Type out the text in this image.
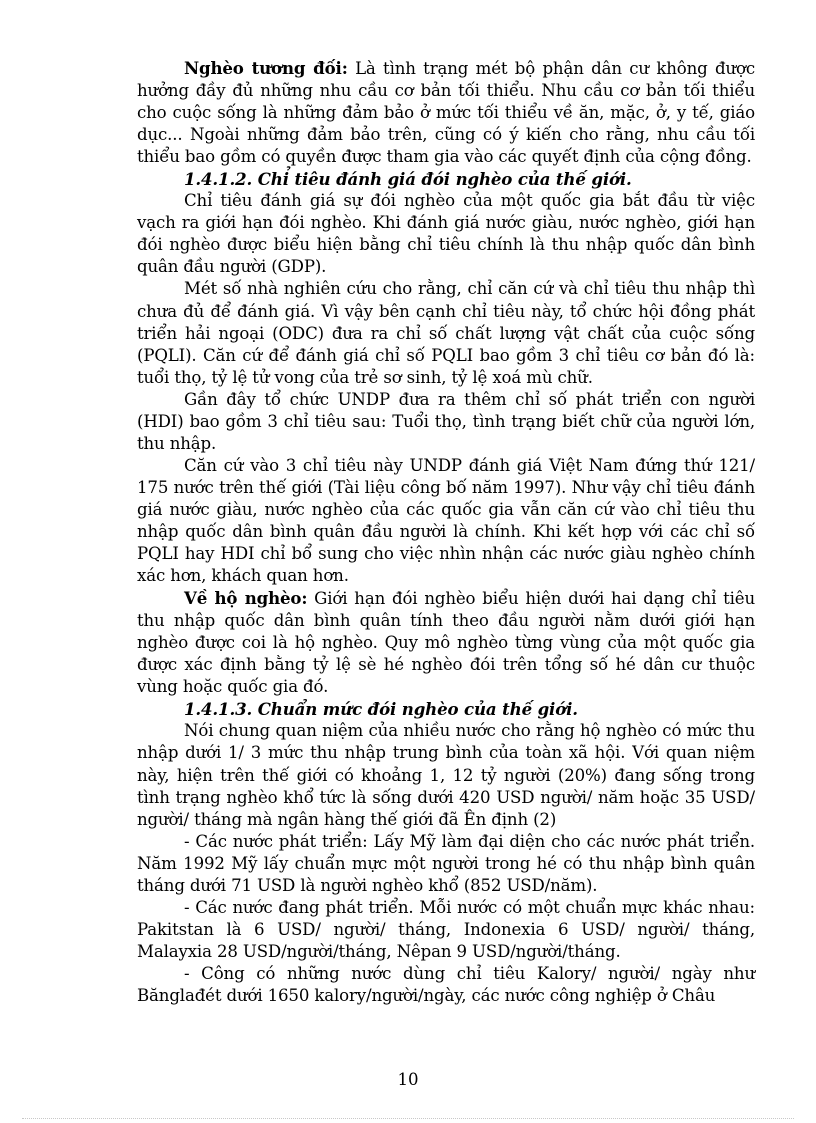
Nghèo tương đối: Là tình trạng mét bộ phận dân cư không được hưởng đầy đủ những nhu cầu cơ bản tối thiểu. Nhu cầu cơ bản tối thiểu cho cuộc sống là những đảm bảo ở mức tối thiểu về ăn, mặc, ở, y tế, giáo dục... Ngoài những đảm bảo trên, cũng có ý kiến cho rằng, nhu cầu tối thiểu bao gồm có quyền được tham gia vào các quyết định của cộng đồng.

1.4.1.2. Chỉ tiêu đánh giá đói nghèo của thế giới.

Chỉ tiêu đánh giá sự đói nghèo của một quốc gia bắt đầu từ việc vạch ra giới hạn đói nghèo. Khi đánh giá nước giàu, nước nghèo, giới hạn đói nghèo được biểu hiện bằng chỉ tiêu chính là thu nhập quốc dân bình quân đầu người (GDP).

Mét số nhà nghiên cứu cho rằng, chỉ căn cứ và chỉ tiêu thu nhập thì chưa đủ để đánh giá. Vì vậy bên cạnh chỉ tiêu này, tổ chức hội đồng phát triển hải ngoại (ODC) đưa ra chỉ số chất lượng vật chất của cuộc sống (PQLI). Căn cứ để đánh giá chỉ số PQLI bao gồm 3 chỉ tiêu cơ bản đó là: tuổi thọ, tỷ lệ tử vong của trẻ sơ sinh, tỷ lệ xoá mù chữ.

Gần đây tổ chức UNDP đưa ra thêm chỉ số phát triển con người (HDI) bao gồm 3 chỉ tiêu sau: Tuổi thọ, tình trạng biết chữ của người lớn, thu nhập.

Căn cứ vào 3 chỉ tiêu này UNDP đánh giá Việt Nam đứng thứ 121/ 175 nước trên thế giới (Tài liệu công bố năm 1997). Như vậy chỉ tiêu đánh giá nước giàu, nước nghèo của các quốc gia vẫn căn cứ vào chỉ tiêu thu nhập quốc dân bình quân đầu người là chính. Khi kết hợp với các chỉ số PQLI hay HDI chỉ bổ sung cho việc nhìn nhận các nước giàu nghèo chính xác hơn, khách quan hơn.

Về hộ nghèo: Giới hạn đói nghèo biểu hiện dưới hai dạng chỉ tiêu thu nhập quốc dân bình quân tính theo đầu người nằm dưới giới hạn nghèo được coi là hộ nghèo. Quy mô nghèo từng vùng của một quốc gia được xác định bằng tỷ lệ sè hé nghèo đói trên tổng số hé dân cư thuộc vùng hoặc quốc gia đó.

1.4.1.3. Chuẩn mức đói nghèo của thế giới.

Nói chung quan niệm của nhiều nước cho rằng hộ nghèo có mức thu nhập dưới 1/ 3 mức thu nhập trung bình của toàn xã hội. Với quan niệm này, hiện trên thế giới có khoảng 1, 12 tỷ người (20%) đang sống trong tình trạng nghèo khổ tức là sống dưới 420 USD người/ năm hoặc 35 USD/ người/ tháng mà ngân hàng thế giới đã Ên định (2)

- Các nước phát triển: Lấy Mỹ làm đại diện cho các nước phát triển. Năm 1992 Mỹ lấy chuẩn mực một người trong hé có thu nhập bình quân tháng dưới 71 USD là người nghèo khổ (852 USD/năm).

- Các nước đang phát triển. Mỗi nước có một chuẩn mực khác nhau: Pakitstan là 6 USD/ người/ tháng, Indonexia 6 USD/ người/ tháng, Malayxia 28 USD/người/tháng, Nêpan 9 USD/người/tháng.

- Công có những nước dùng chỉ tiêu Kalory/ người/ ngày như Bănglađét dưới 1650 kalory/người/ngày, các nước công nghiệp ở Châu

10
